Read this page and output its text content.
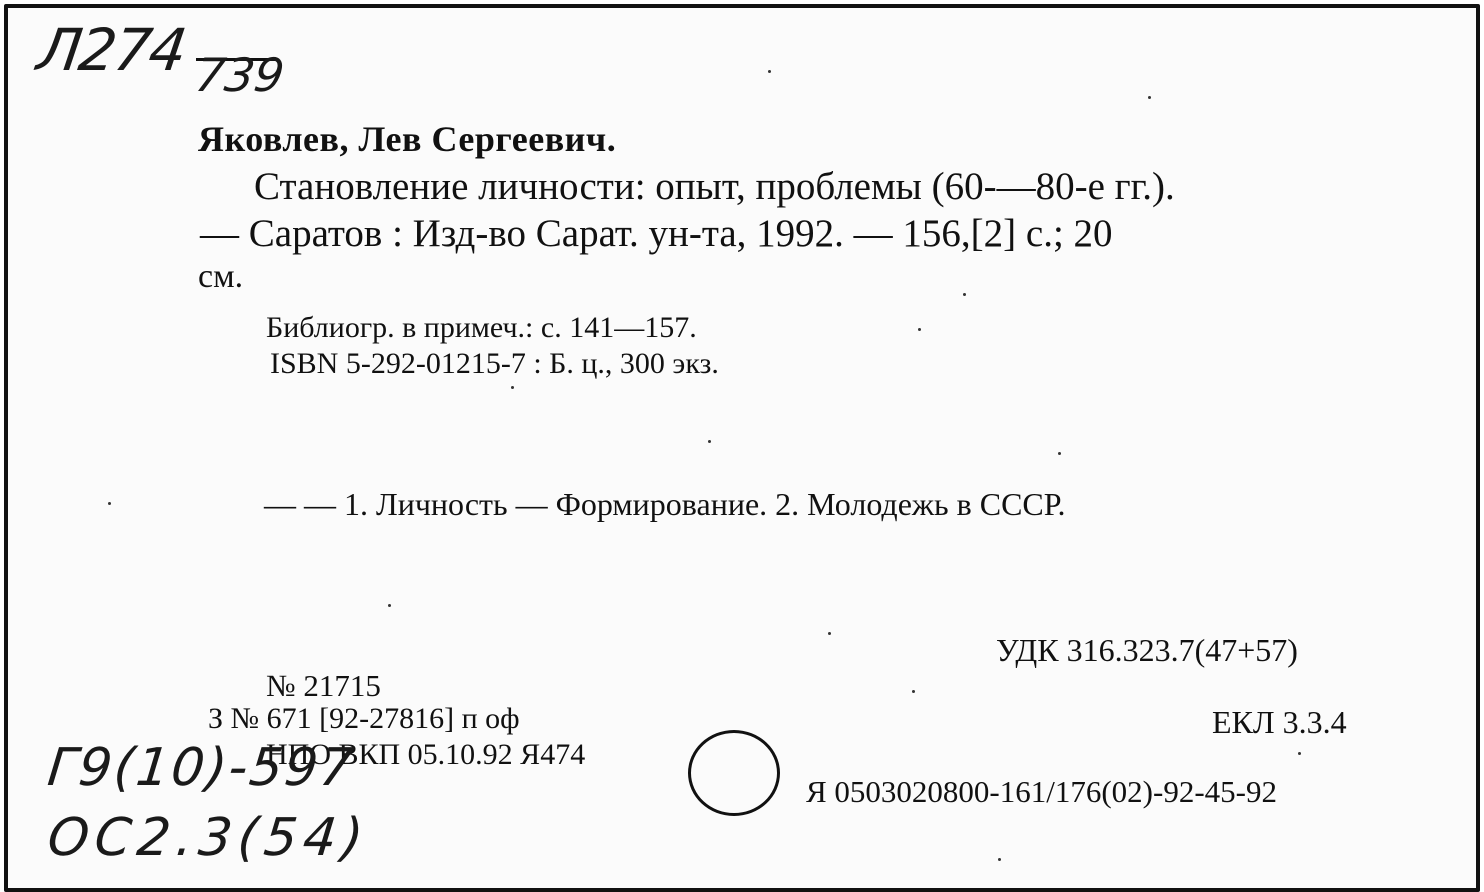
Л274 739
Яковлев, Лев Сергеевич.
Становление личности: опыт, проблемы (60-—80-е гг.).
— Саратов : Изд-во Сарат. ун-та, 1992. — 156,[2] с.; 20
см.
Библиогр. в примеч.: с. 141—157.
ISBN 5-292-01215-7 : Б. ц., 300 экз.
— — 1. Личность — Формирование. 2. Молодежь в СССР.
УДК 316.323.7(47+57)
№ 21715
З № 671 [92-27816] п оф	ЕКЛ 3.3.4
НПО ВКП 05.10.92 Я474
Я 0503020800-161/176(02)-92-45-92
Г9(10)-597
ОС2.3(54)
